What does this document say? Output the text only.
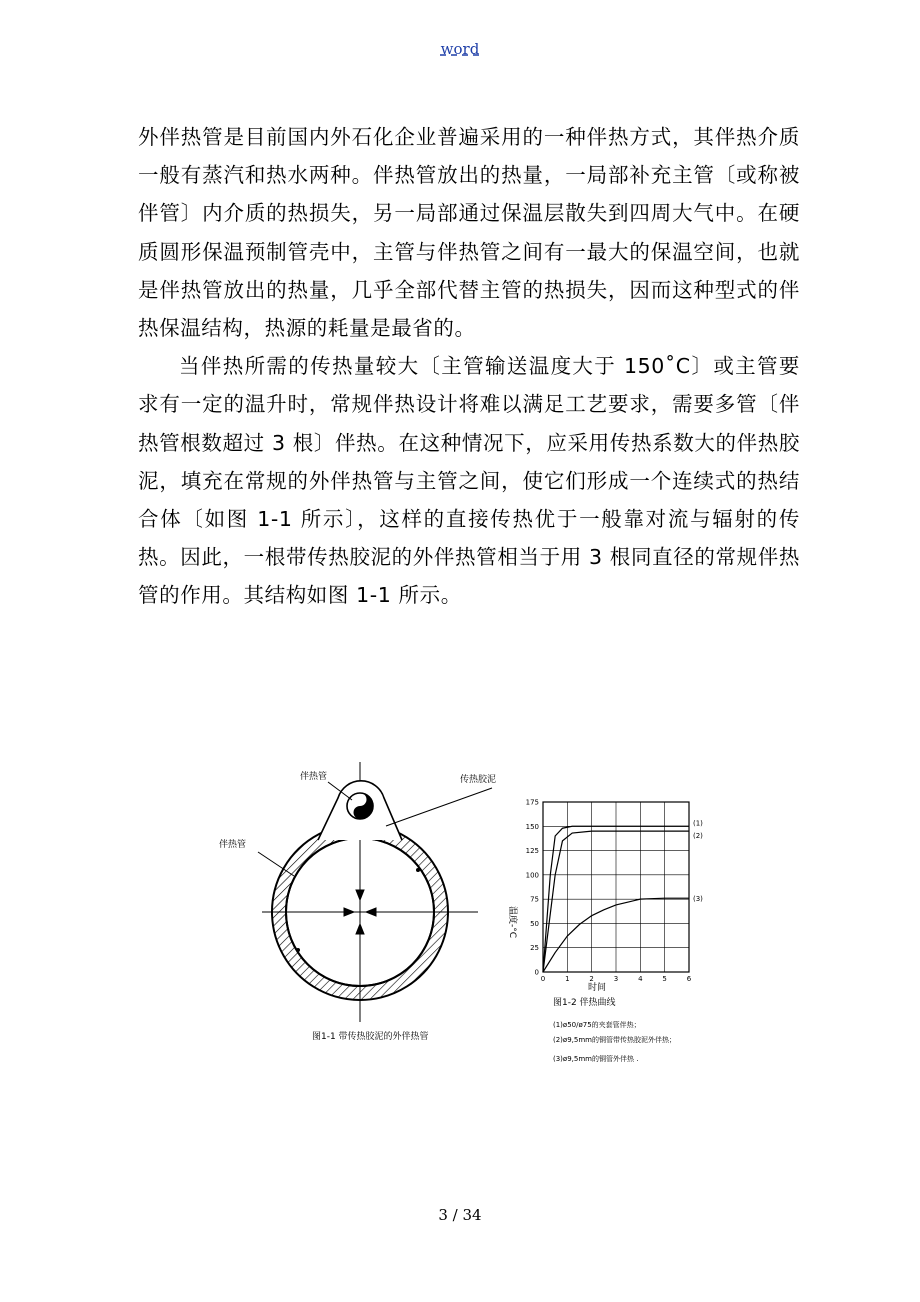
word

外伴热管是目前国内外石化企业普遍采用的一种伴热方式，其伴热介质一般有蒸汽和热水两种。伴热管放出的热量，一局部补充主管〔或称被伴管〕内介质的热损失，另一局部通过保温层散失到四周大气中。在硬质圆形保温预制管壳中，主管与伴热管之间有一最大的保温空间，也就是伴热管放出的热量，几乎全部代替主管的热损失，因而这种型式的伴热保温结构，热源的耗量是最省的。

当伴热所需的传热量较大〔主管输送温度大于 150˚C〕或主管要求有一定的温升时，常规伴热设计将难以满足工艺要求，需要多管〔伴热管根数超过 3 根〕伴热。在这种情况下，应采用传热系数大的伴热胶泥，填充在常规的外伴热管与主管之间，使它们形成一个连续式的热结合体〔如图 1-1 所示〕，这样的直接传热优于一般靠对流与辐射的传热。因此，一根带传热胶泥的外伴热管相当于用 3 根同直径的常规伴热管的作用。其结构如图 1-1 所示。

伴热管	传热胶泥
伴热管
图1-1 带传热胶泥的外伴热管
0	1	2	3	4	5	6
0
25
50
75
100
125
150
175
(1)
(2)
(3)
时间
温度-°C
图1-2 伴热曲线
(1)ø50/ø75的夹套管伴热；
(2)ø9,5mm的铜管带传热胶泥外伴热；
(3)ø9,5mm的铜管外伴热 .
3 / 34
